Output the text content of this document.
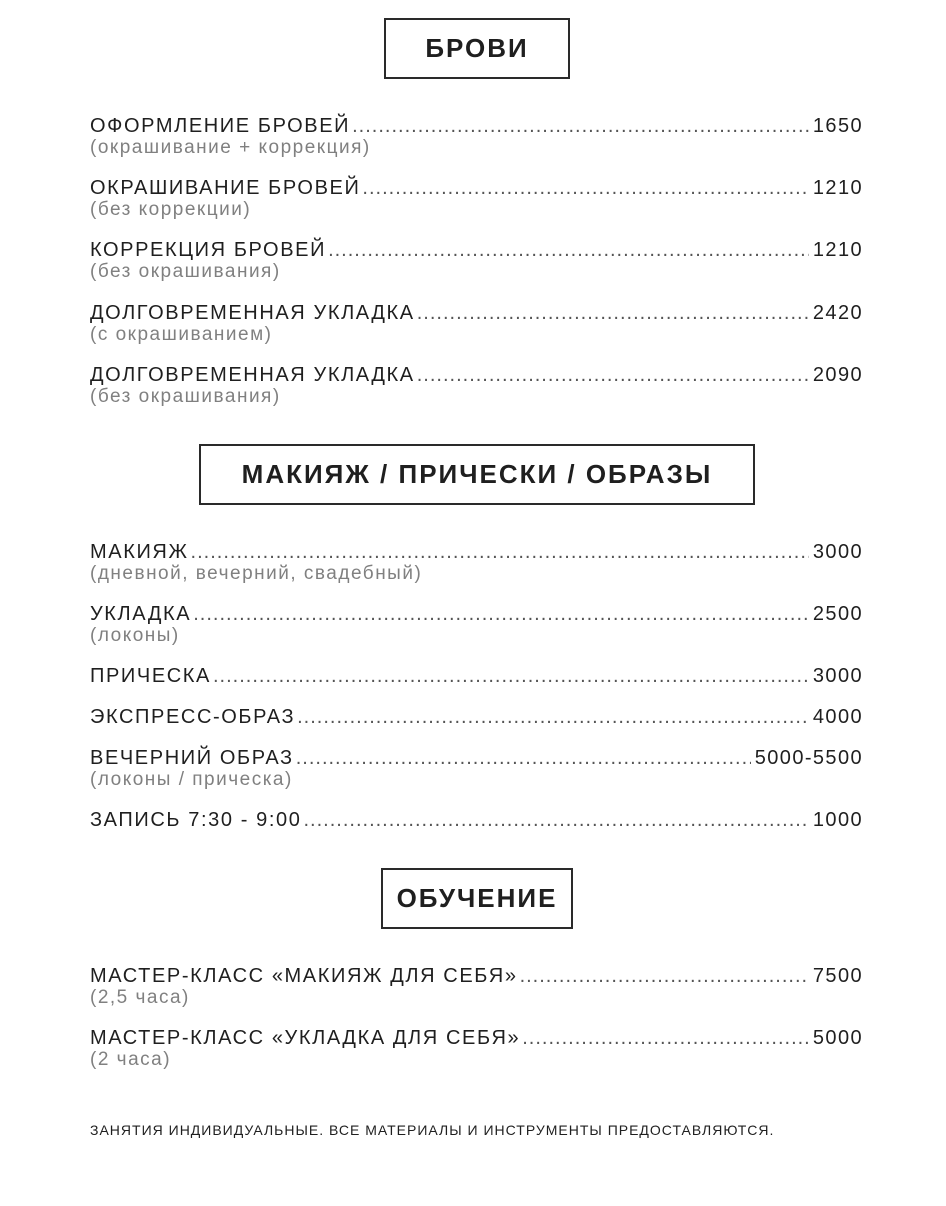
БРОВИ
ОФОРМЛЕНИЕ БРОВЕЙ .....	1650
(окрашивание + коррекция)
ОКРАШИВАНИЕ БРОВЕЙ .....	1210
(без коррекции)
КОРРЕКЦИЯ БРОВЕЙ .....	1210
(без окрашивания)
ДОЛГОВРЕМЕННАЯ УКЛАДКА .....	2420
(с окрашиванием)
ДОЛГОВРЕМЕННАЯ УКЛАДКА .....	2090
(без окрашивания)
МАКИЯЖ / ПРИЧЕСКИ / ОБРАЗЫ
МАКИЯЖ .....	3000
(дневной, вечерний, свадебный)
УКЛАДКА .....	2500
(локоны)
ПРИЧЕСКА .....	3000
ЭКСПРЕСС-ОБРАЗ .....	4000
ВЕЧЕРНИЙ ОБРАЗ .....	5000-5500
(локоны / прическа)
ЗАПИСЬ 7:30 - 9:00 .....	1000
ОБУЧЕНИЕ
МАСТЕР-КЛАСС «МАКИЯЖ ДЛЯ СЕБЯ» .....	7500
(2,5 часа)
МАСТЕР-КЛАСС «УКЛАДКА ДЛЯ СЕБЯ» .....	5000
(2 часа)
ЗАНЯТИЯ ИНДИВИДУАЛЬНЫЕ. ВСЕ МАТЕРИАЛЫ И ИНСТРУМЕНТЫ ПРЕДОСТАВЛЯЮТСЯ.
